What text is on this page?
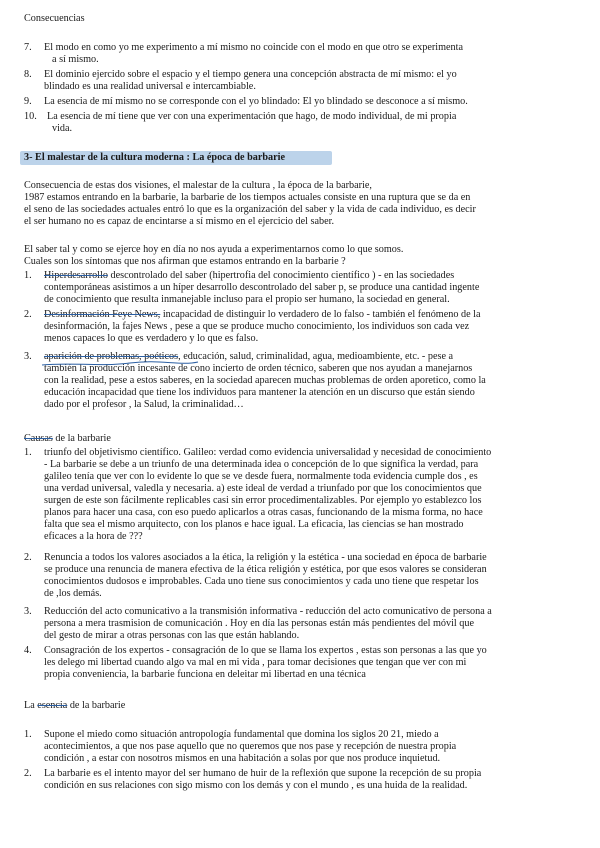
Consecuencias
7. El modo en como yo me experimento a mí mismo no coincide con el modo en que otro se experimenta
a sí mismo.
8. El dominio ejercido sobre el espacio y el tiempo genera una concepción abstracta de mí mismo: el yo
blindado es una realidad universal e intercambiable.
9. La esencia de mí mismo no se corresponde con el yo blindado: El yo blindado se desconoce a sí mismo.
10. La esencia de mí tiene que ver con una experimentación que hago, de modo individual, de mi propia
vida.
3- El malestar de la cultura moderna : La época de barbarie
Consecuencia de estas dos visiones, el malestar de la cultura , la época de la barbarie,
1987 estamos entrando en la barbarie, la barbarie de los tiempos actuales consiste en una ruptura que se da en
el seno de las sociedades actuales entró lo que es la organización del saber y la vida de cada individuo, es decir
el ser humano no es capaz de encintarse a sí mismo en el ejercicio del saber.
El saber tal y como se ejerce hoy en día no nos ayuda a experimentarnos como lo que somos.
Cuales son los síntomas que nos afirman que estamos entrando en la barbarie ?
1. Hiperdesarrollo descontrolado del saber (hipertrofia del conocimiento científico ) - en las sociedades
contemporáneas asistimos a un híper desarrollo descontrolado del saber p, se produce una cantidad ingente
de conocimiento que resulta inmanejable incluso para el propio ser humano, la sociedad en general.
2. Desinformación Feye News, incapacidad de distinguir lo verdadero de lo falso - también el fenómeno de la
desinformación, la fajes News , pese a que se produce mucho conocimiento, los individuos son cada vez
menos capaces lo que es verdadero y lo que es falso.
3. aparición de problemas, poéticos, educación, salud, criminalidad, agua, medioambiente, etc. - pese a
también la producción incesante de cono incierto de orden técnico, saberen que nos ayudan a manejarnos
con la realidad, pese a estos saberes, en la sociedad aparecen muchas problemas de orden aporetico, como la
educación incapacidad que tiene los individuos para mantener la atención en un discurso que están siendo
dado por el profesor , la Salud, la criminalidad…
Causas de la barbarie
1. triunfo del objetivismo científico. Galileo: verdad como evidencia universalidad y necesidad de conocimiento
- La barbarie se debe a un triunfo de una determinada idea o concepción de lo que significa la verdad, para
galileo tenía que ver con lo evidente lo que se ve desde fuera, normalmente toda evidencia cumple dos , es
una verdad universal, valedla y necesaria. a) este ideal de verdad a triunfado por que los conocimientos que
surgen de este son fácilmente replicables casi sin error procedimentalizables. Por ejemplo yo establezco los
planos para hacer una casa, con eso puedo aplicarlos a otras casas, funcionando de la misma forma, no hace
falta que sea el mismo arquitecto, con los planos e hace igual. La eficacia, las ciencias se han mostrado
eficaces a la hora de ???
2. Renuncia a todos los valores asociados a la ética, la religión y la estética - una sociedad en época de barbarie
se produce una renuncia de manera efectiva de la ética religión y estética, por que esos valores se consideran
conocimientos dudosos e improbables. Cada uno tiene sus conocimientos y cada uno tiene que respetar los
de ,los demás.
3. Reducción del acto comunicativo a la transmisión informativa - reducción del acto comunicativo de persona a
persona a mera trasmision de comunicación . Hoy en día las personas están más pendientes del móvil que
del gesto de mirar a otras personas con las que están hablando.
4. Consagración de los expertos - consagración de lo que se llama los expertos , estas son personas a las que yo
les delego mi libertad cuando algo va mal en mi vida , para tomar decisiones que tengan que ver con mi
propia conveniencia, la barbarie funciona en deleitar mi libertad en una técnica
La esencia de la barbarie
1. Supone el miedo como situación antropología fundamental que domina los siglos 20 21, miedo a
acontecimientos, a que nos pase aquello que no queremos que nos pase y recepción de nuestra propia
condición , a estar con nosotros mismos en una habitación a solas por que nos produce inquietud.
2. La barbarie es el intento mayor del ser humano de huir de la reflexión que supone la recepción de su propia
condición en sus relaciones con sigo mismo con los demás y con el mundo , es una huida de la realidad.
